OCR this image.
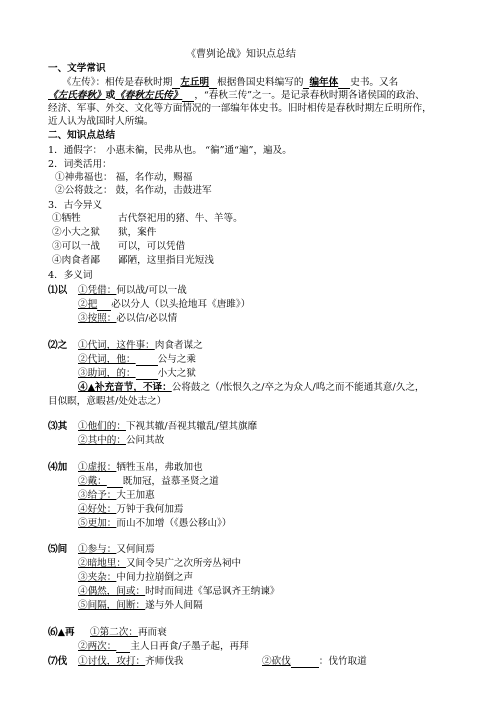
《曹刿论战》知识点总结
一、文学常识
《左传》：相传是春秋时期 左丘明 根据鲁国史料编写的 编年体 史书。又名
《左氏春秋》或《春秋左氏传》 ，“春秋三传”之一。是记录春秋时期各诸侯国的政治、
经济、军事、外交、文化等方面情况的一部编年体史书。旧时相传是春秋时期左丘明所作，
近人认为战国时人所编。
二、知识点总结
1．通假字： 小惠未徧，民弗从也。 “徧”通“遍”，遍及。
2．词类活用：
①神弗福也： 福，名作动，赐福
②公将鼓之： 鼓，名作动，击鼓进军
3．古今异义
①牺牲	古代祭祀用的猪、牛、羊等。
②小大之狱 狱，案件
③可以一战 可以，可以凭借
④肉食者鄙 鄙陋，这里指目光短浅
4．多义词
⑴以 ①凭借：何以战/可以一战
②把 必以分人（以头抢地耳《唐雎》）
③按照：必以信/必以情
⑵之 ①代词，这件事：肉食者谋之
②代词，他： 公与之乘
③助词，的： 小大之狱
④▲补充音节，不译：公将鼓之（/怅恨久之/卒之为众人/鸣之而不能通其意/久之，
目似瞑，意暇甚/处处志之）
⑶其 ①他们的：下视其辙/吾视其辙乱/望其旗靡
②其中的：公问其故
⑷加 ①虚报：牺牲玉帛，弗敢加也
②戴： 既加冠，益慕圣贤之道
③给予：大王加惠
④好处：万钟于我何加焉
⑤更加：而山不加增（《愚公移山》）
⑸间 ①参与：又何间焉
②暗地里：又间令吴广之次所旁丛祠中
③夹杂：中间力拉崩倒之声
④偶然，间或：时时而间进《邹忌讽齐王纳谏》
⑤间隔，间断：遂与外人间隔
⑹▲再 ①第二次：再而衰
②两次： 主人日再食/子墨子起，再拜
⑺伐 ①讨伐，攻打：齐师伐我	②砍伐	：伐竹取道
